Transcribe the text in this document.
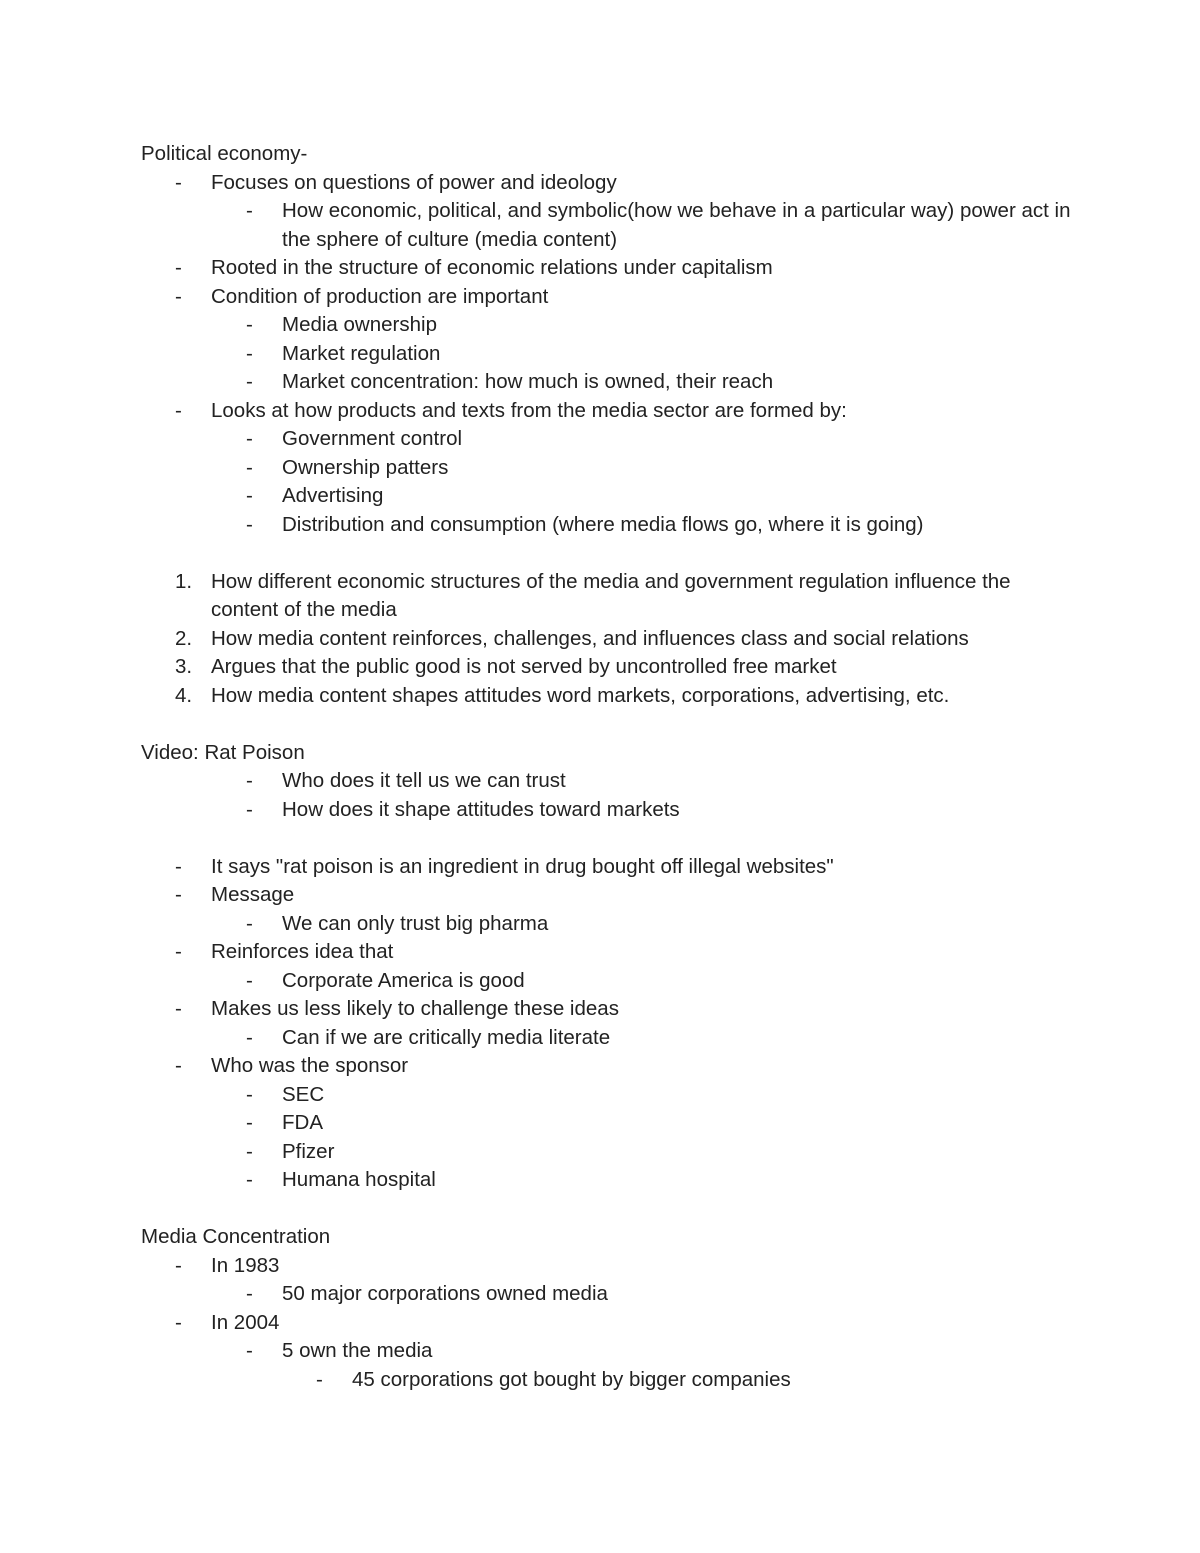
Political economy-

- Focuses on questions of power and ideology
- How economic, political, and symbolic(how we behave in a particular way) power act in the sphere of culture (media content)
- Rooted in the structure of economic relations under capitalism
- Condition of production are important
- Media ownership
- Market regulation
- Market concentration: how much is owned, their reach
- Looks at how products and texts from the media sector are formed by:
- Government control
- Ownership patters
- Advertising
- Distribution and consumption (where media flows go, where it is going)
1. How different economic structures of the media and government regulation influence the content of the media
2. How media content reinforces, challenges, and influences class and social relations
3. Argues that the public good is not served by uncontrolled free market
4. How media content shapes attitudes word markets, corporations, advertising, etc.

Video: Rat Poison

- Who does it tell us we can trust
- How does it shape attitudes toward markets
- It says "rat poison is an ingredient in drug bought off illegal websites"
- Message
- We can only trust big pharma
- Reinforces idea that
- Corporate America is good
- Makes us less likely to challenge these ideas
- Can if we are critically media literate
- Who was the sponsor
- SEC
- FDA
- Pfizer
- Humana hospital

Media Concentration

- In 1983
- 50 major corporations owned media
- In 2004
- 5 own the media
- 45 corporations got bought by bigger companies
